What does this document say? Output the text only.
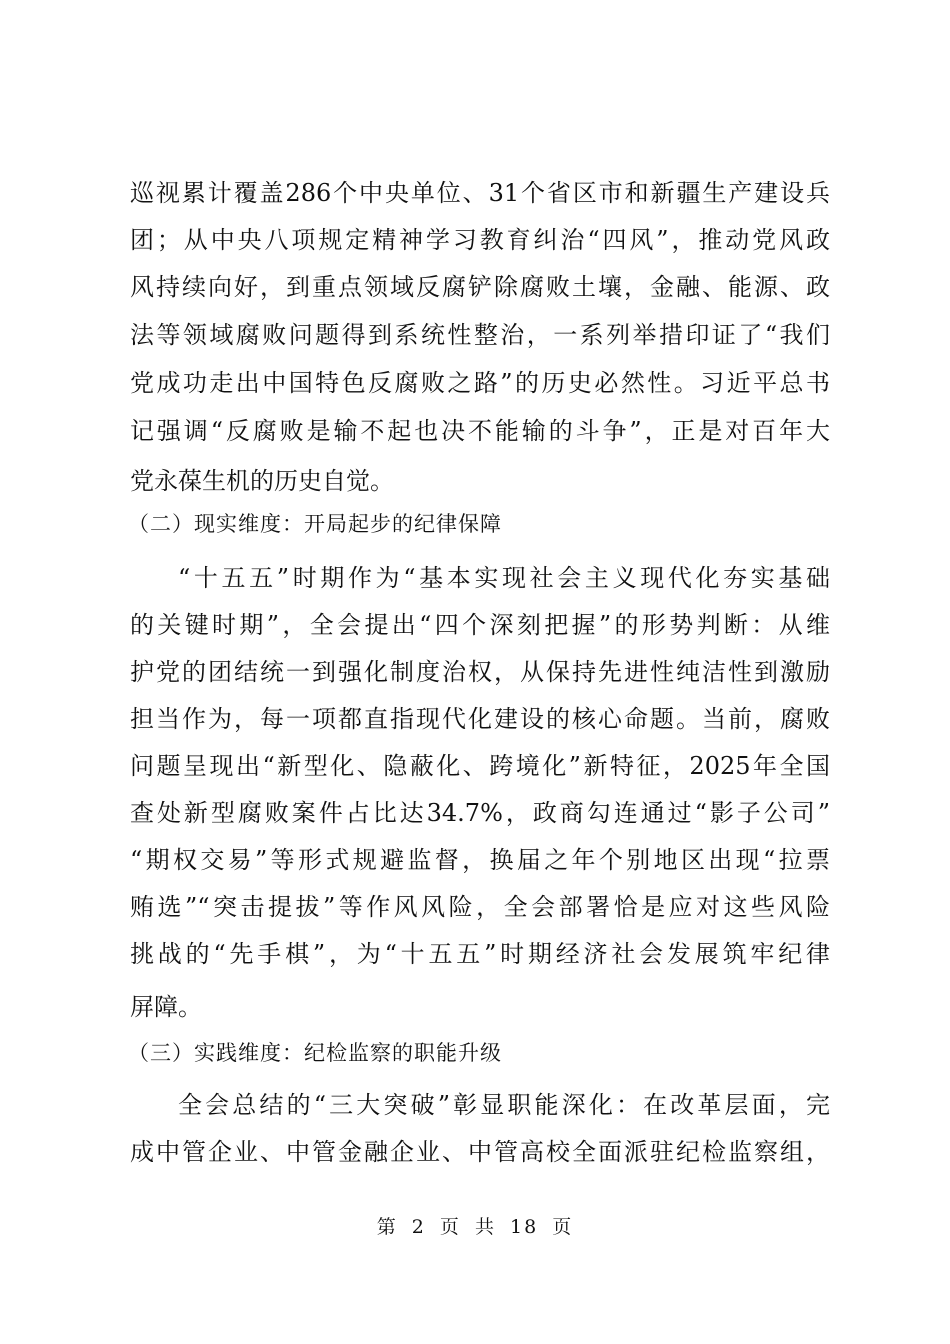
巡视累计覆盖286个中央单位、31个省区市和新疆生产建设兵
团；从中央八项规定精神学习教育纠治“四风”，推动党风政
风持续向好，到重点领域反腐铲除腐败土壤，金融、能源、政
法等领域腐败问题得到系统性整治，一系列举措印证了“我们
党成功走出中国特色反腐败之路”的历史必然性。习近平总书
记强调“反腐败是输不起也决不能输的斗争”，正是对百年大
党永葆生机的历史自觉。
（二）现实维度：开局起步的纪律保障
“十五五”时期作为“基本实现社会主义现代化夯实基础
的关键时期”，全会提出“四个深刻把握”的形势判断：从维
护党的团结统一到强化制度治权，从保持先进性纯洁性到激励
担当作为，每一项都直指现代化建设的核心命题。当前，腐败
问题呈现出“新型化、隐蔽化、跨境化”新特征，2025年全国
查处新型腐败案件占比达34.7%，政商勾连通过“影子公司”
“期权交易”等形式规避监督，换届之年个别地区出现“拉票
贿选”“突击提拔”等作风风险，全会部署恰是应对这些风险
挑战的“先手棋”，为“十五五”时期经济社会发展筑牢纪律
屏障。
（三）实践维度：纪检监察的职能升级
全会总结的“三大突破”彰显职能深化：在改革层面，完
成中管企业、中管金融企业、中管高校全面派驻纪检监察组，
第 2 页 共 18 页
